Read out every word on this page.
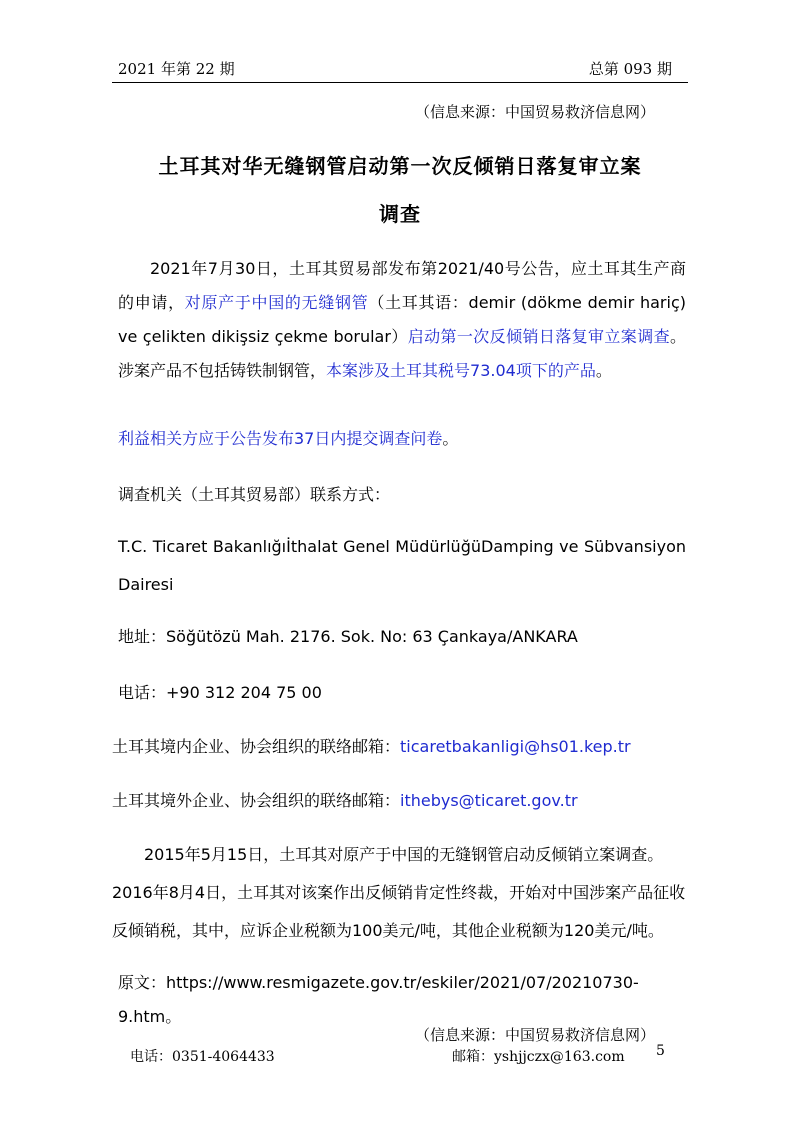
2021 年第 22 期	总第 093 期
（信息来源：中国贸易救济信息网）
土耳其对华无缝钢管启动第一次反倾销日落复审立案
调查
2021年7月30日，土耳其贸易部发布第2021/40号公告，应土耳其生产商的申请，对原产于中国的无缝钢管（土耳其语：demir (dökme demir hariç) ve çelikten dikişsiz çekme borular）启动第一次反倾销日落复审立案调查。涉案产品不包括铸铁制钢管，本案涉及土耳其税号73.04项下的产品。
利益相关方应于公告发布37日内提交调查问卷。
调查机关（土耳其贸易部）联系方式：
T.C. Ticaret Bakanlığıİthalat Genel MüdürlüğüDamping ve Sübvansiyon
Dairesi
地址：Söğütözü Mah. 2176. Sok. No: 63 Çankaya/ANKARA
电话：+90 312 204 75 00
土耳其境内企业、协会组织的联络邮箱：ticaretbakanligi@hs01.kep.tr
土耳其境外企业、协会组织的联络邮箱：ithebys@ticaret.gov.tr
2015年5月15日，土耳其对原产于中国的无缝钢管启动反倾销立案调查。
2016年8月4日，土耳其对该案作出反倾销肯定性终裁，开始对中国涉案产品征收
反倾销税，其中，应诉企业税额为100美元/吨，其他企业税额为120美元/吨。
原文：https://www.resmigazete.gov.tr/eskiler/2021/07/20210730-9.htm。
（信息来源：中国贸易救济信息网）
电话：0351-4064433	邮箱：yshjjczx@163.com 5
